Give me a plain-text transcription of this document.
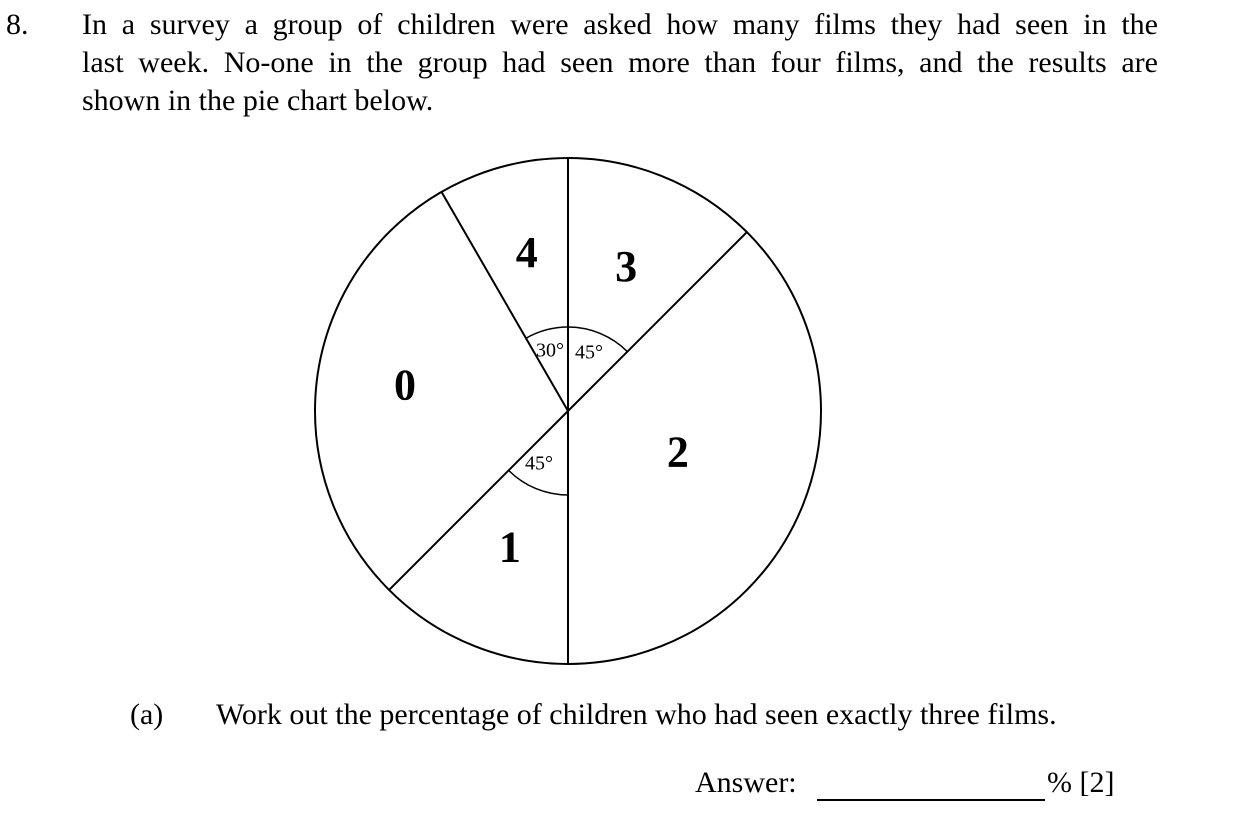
8. In a survey a group of children were asked how many films they had seen in the
last week. No-one in the group had seen more than four films, and the results are
shown in the pie chart below.
3
2
1
0
4
30° 45°
45°
(a) Work out the percentage of children who had seen exactly three films.
Answer:	% [2]
